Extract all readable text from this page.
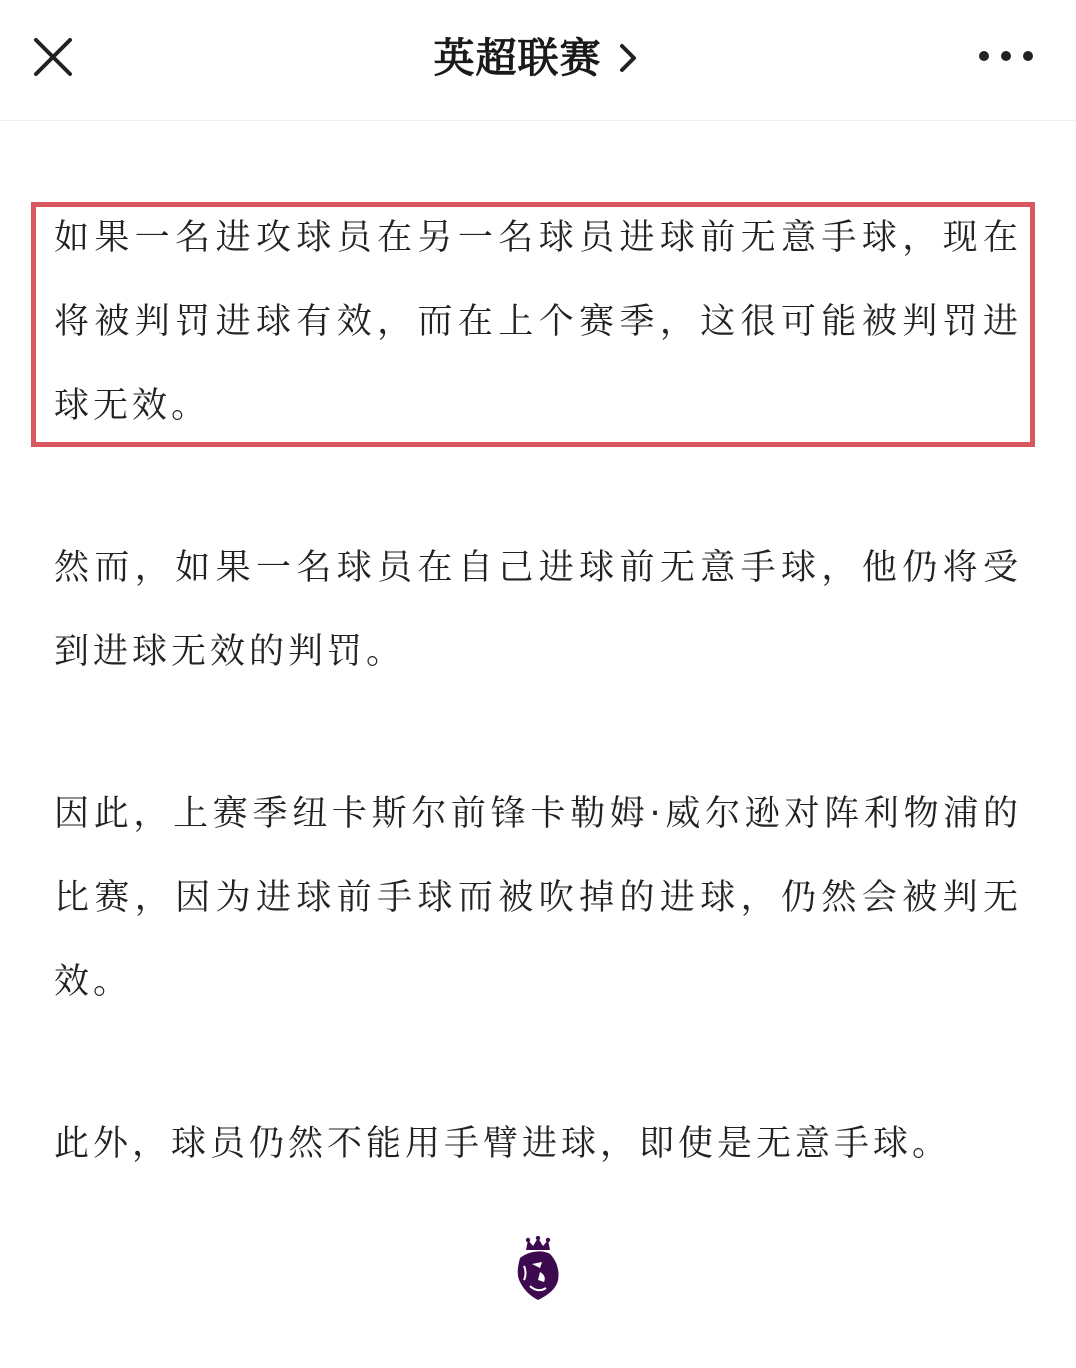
英超联赛

如果一名进攻球员在另一名球员进球前无意手球，现在将被判罚进球有效，而在上个赛季，这很可能被判罚进球无效。

然而，如果一名球员在自己进球前无意手球，他仍将受到进球无效的判罚。

因此，上赛季纽卡斯尔前锋卡勒姆·威尔逊对阵利物浦的比赛，因为进球前手球而被吹掉的进球，仍然会被判无效。

此外，球员仍然不能用手臂进球，即使是无意手球。
